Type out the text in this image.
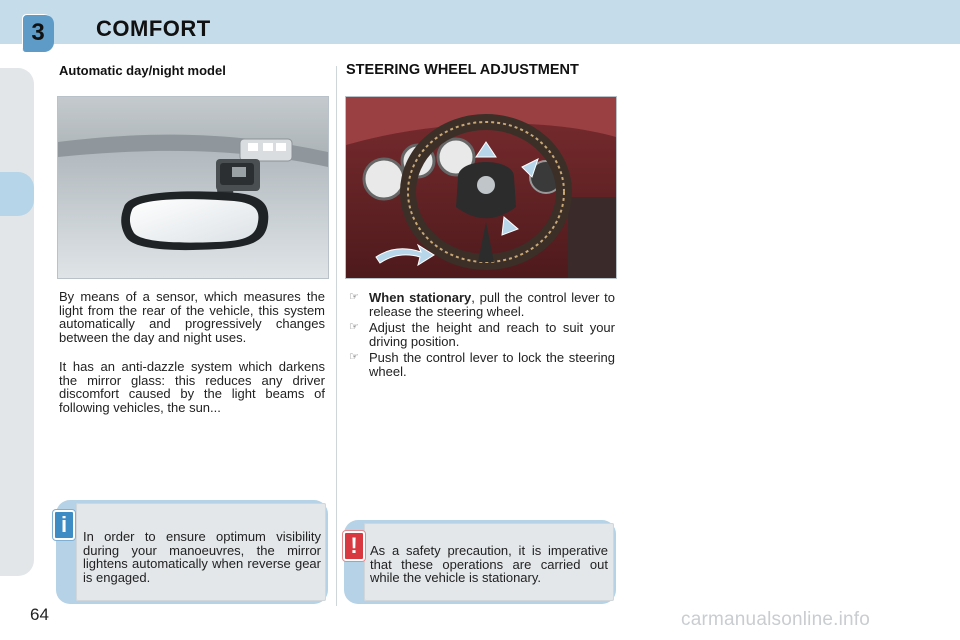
3	COMFORT
Automatic day/night model
By means of a sensor, which measures the light from the rear of the vehicle, this system automatically and progressively changes between the day and night uses.
It has an anti-dazzle system which darkens the mirror glass: this reduces any driver discomfort caused by the light beams of following vehicles, the sun...
i	In order to ensure optimum visibility during your manoeuvres, the mirror lightens automatically when reverse gear is engaged.
STEERING WHEEL ADJUSTMENT
☞ When stationary, pull the control lever to release the steering wheel.
☞ Adjust the height and reach to suit your driving position.
☞ Push the control lever to lock the steering wheel.
! As a safety precaution, it is imperative that these operations are carried out while the vehicle is stationary.
64	carmanualsonline.info
